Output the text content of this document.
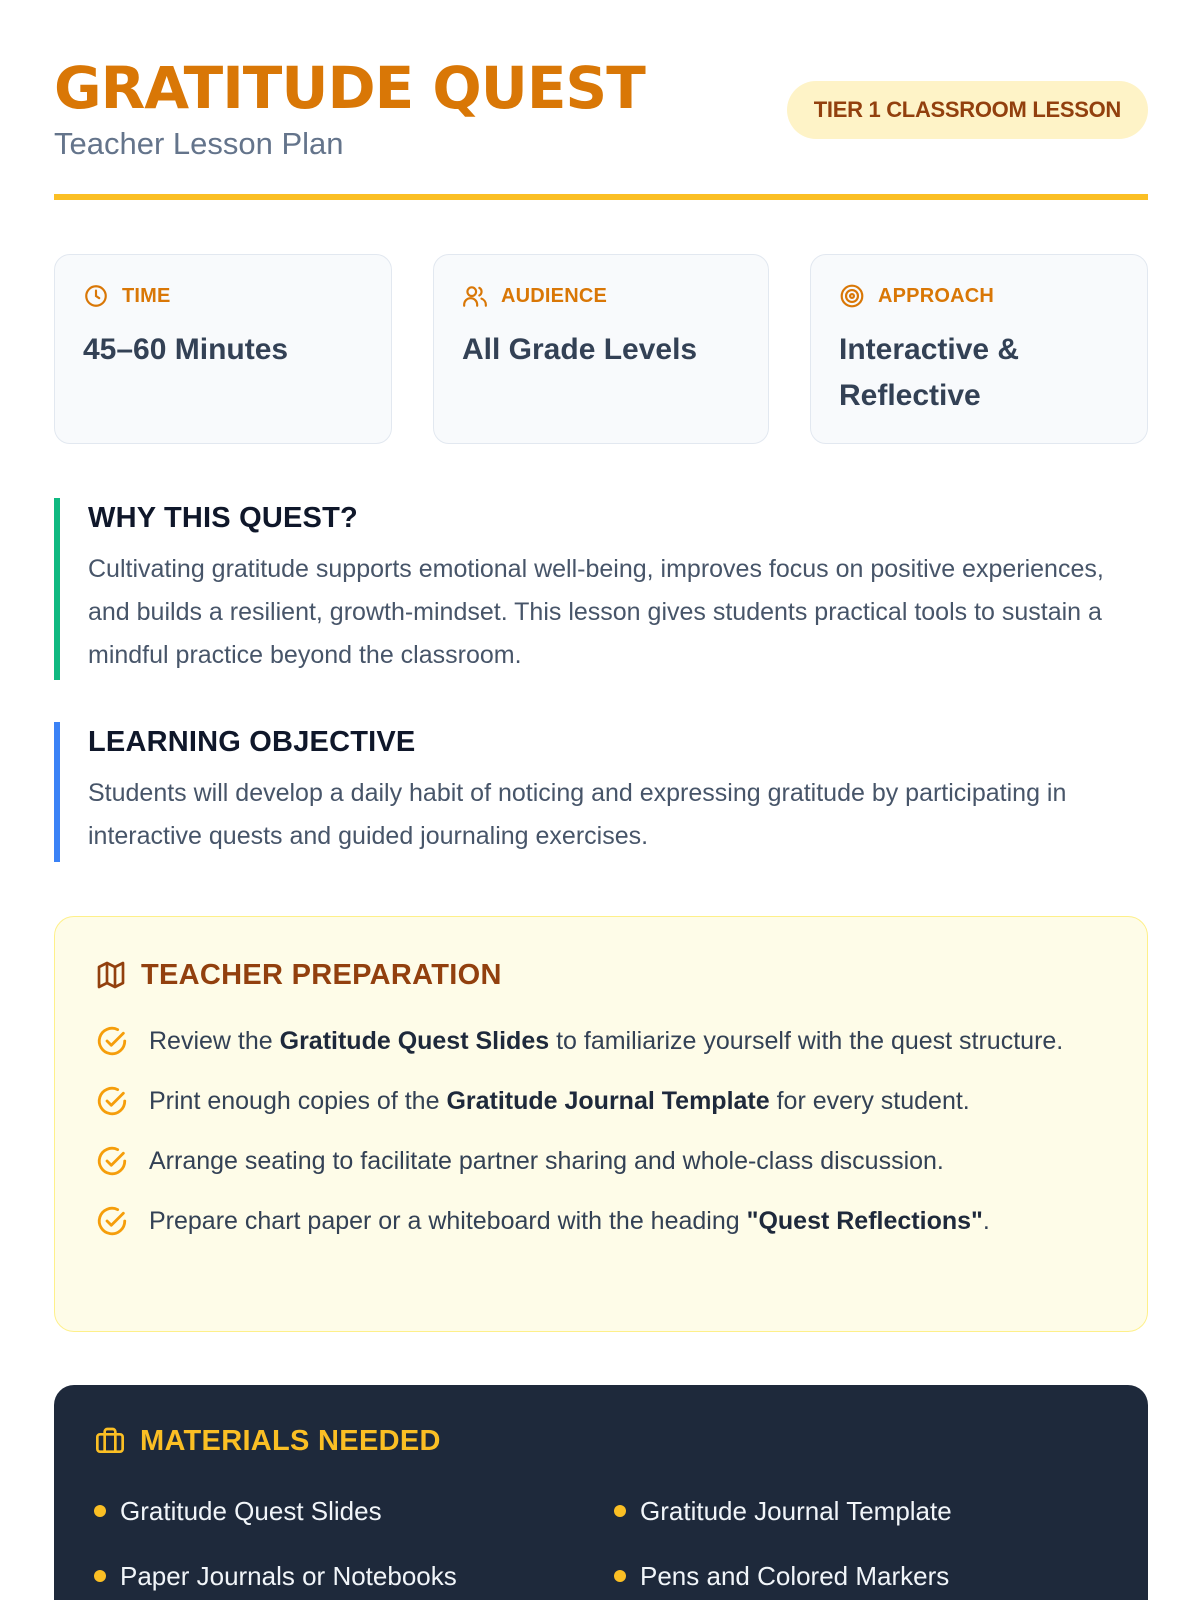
GRATITUDE QUEST
Teacher Lesson Plan
TIER 1 CLASSROOM LESSON
TIME
45–60 Minutes
AUDIENCE
All Grade Levels
APPROACH
Interactive & Reflective
WHY THIS QUEST?

Cultivating gratitude supports emotional well-being, improves focus on positive experiences, and builds a resilient, growth-mindset. This lesson gives students practical tools to sustain a mindful practice beyond the classroom.

LEARNING OBJECTIVE

Students will develop a daily habit of noticing and expressing gratitude by participating in interactive quests and guided journaling exercises.

TEACHER PREPARATION
Review the Gratitude Quest Slides to familiarize yourself with the quest structure.
Print enough copies of the Gratitude Journal Template for every student.
Arrange seating to facilitate partner sharing and whole-class discussion.
Prepare chart paper or a whiteboard with the heading "Quest Reflections".
MATERIALS NEEDED
Gratitude Quest Slides	Gratitude Journal Template
Paper Journals or Notebooks	Pens and Colored Markers
